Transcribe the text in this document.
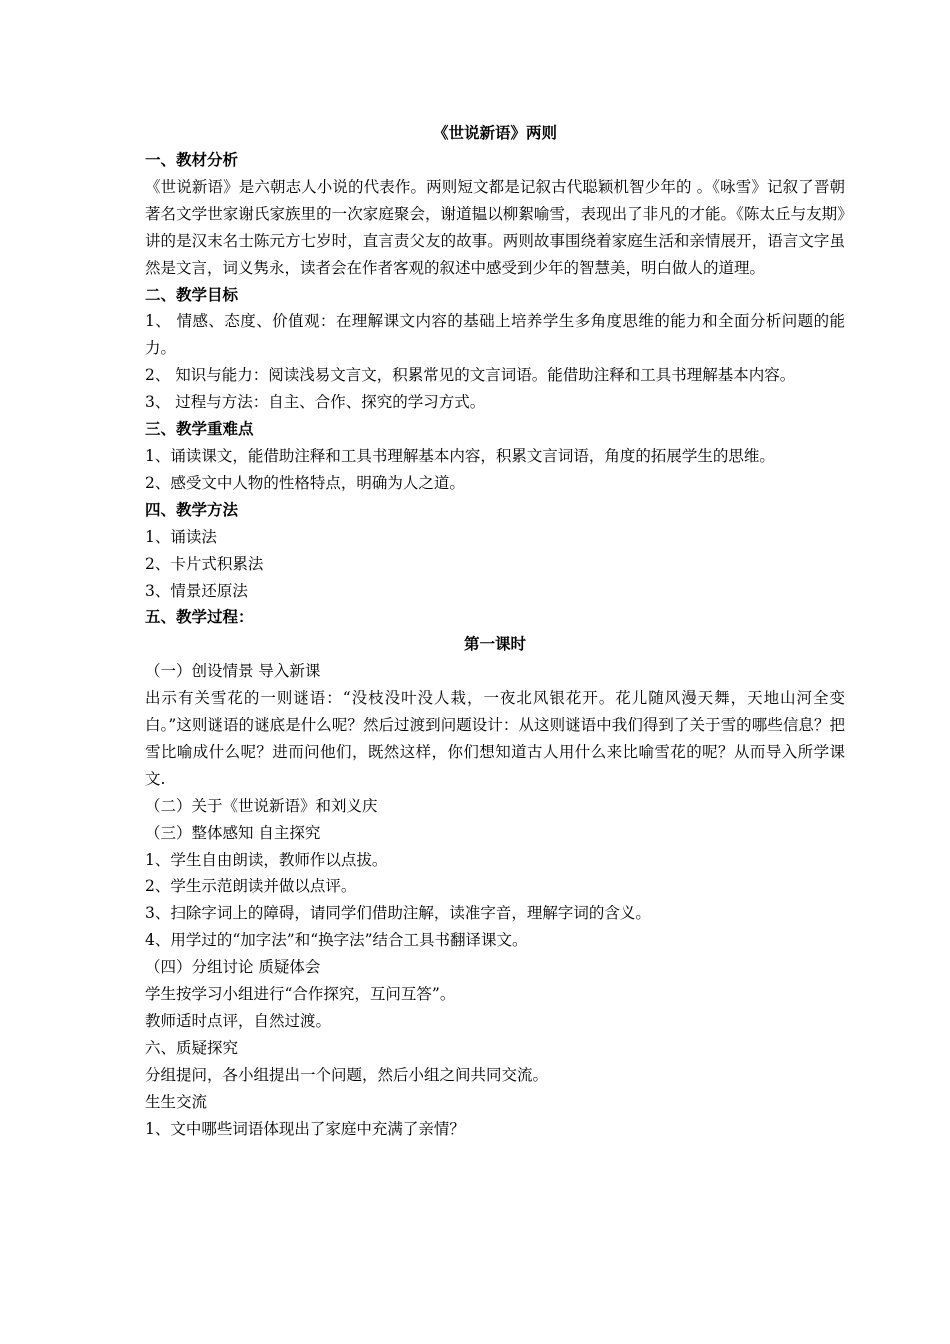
《世说新语》两则

一、教材分析

《世说新语》是六朝志人小说的代表作。两则短文都是记叙古代聪颖机智少年的 。《咏雪》记叙了晋朝著名文学世家谢氏家族里的一次家庭聚会，谢道韫以柳絮喻雪，表现出了非凡的才能。《陈太丘与友期》讲的是汉末名士陈元方七岁时，直言责父友的故事。两则故事围绕着家庭生活和亲情展开，语言文字虽然是文言，词义隽永，读者会在作者客观的叙述中感受到少年的智慧美，明白做人的道理。

二、教学目标

1、 情感、态度、价值观：在理解课文内容的基础上培养学生多角度思维的能力和全面分析问题的能力。

2、 知识与能力：阅读浅易文言文，积累常见的文言词语。能借助注释和工具书理解基本内容。

3、 过程与方法：自主、合作、探究的学习方式。

三、教学重难点

1、诵读课文，能借助注释和工具书理解基本内容，积累文言词语，角度的拓展学生的思维。

2、感受文中人物的性格特点，明确为人之道。

四、教学方法

1、诵读法

2、卡片式积累法

3、情景还原法

五、教学过程：

第一课时

（一）创设情景 导入新课

出示有关雪花的一则谜语：“没枝没叶没人栽，一夜北风银花开。花儿随风漫天舞，天地山河全变白。”这则谜语的谜底是什么呢？然后过渡到问题设计：从这则谜语中我们得到了关于雪的哪些信息？把雪比喻成什么呢？进而问他们，既然这样，你们想知道古人用什么来比喻雪花的呢？从而导入所学课文.

（二）关于《世说新语》和刘义庆

（三）整体感知 自主探究

1、学生自由朗读，教师作以点拔。

2、学生示范朗读并做以点评。

3、扫除字词上的障碍，请同学们借助注解，读准字音，理解字词的含义。

4、用学过的“加字法”和“换字法”结合工具书翻译课文。

（四）分组讨论 质疑体会

学生按学习小组进行“合作探究，互问互答”。

教师适时点评，自然过渡。

六、质疑探究

分组提问，各小组提出一个问题，然后小组之间共同交流。

生生交流

1、文中哪些词语体现出了家庭中充满了亲情？
